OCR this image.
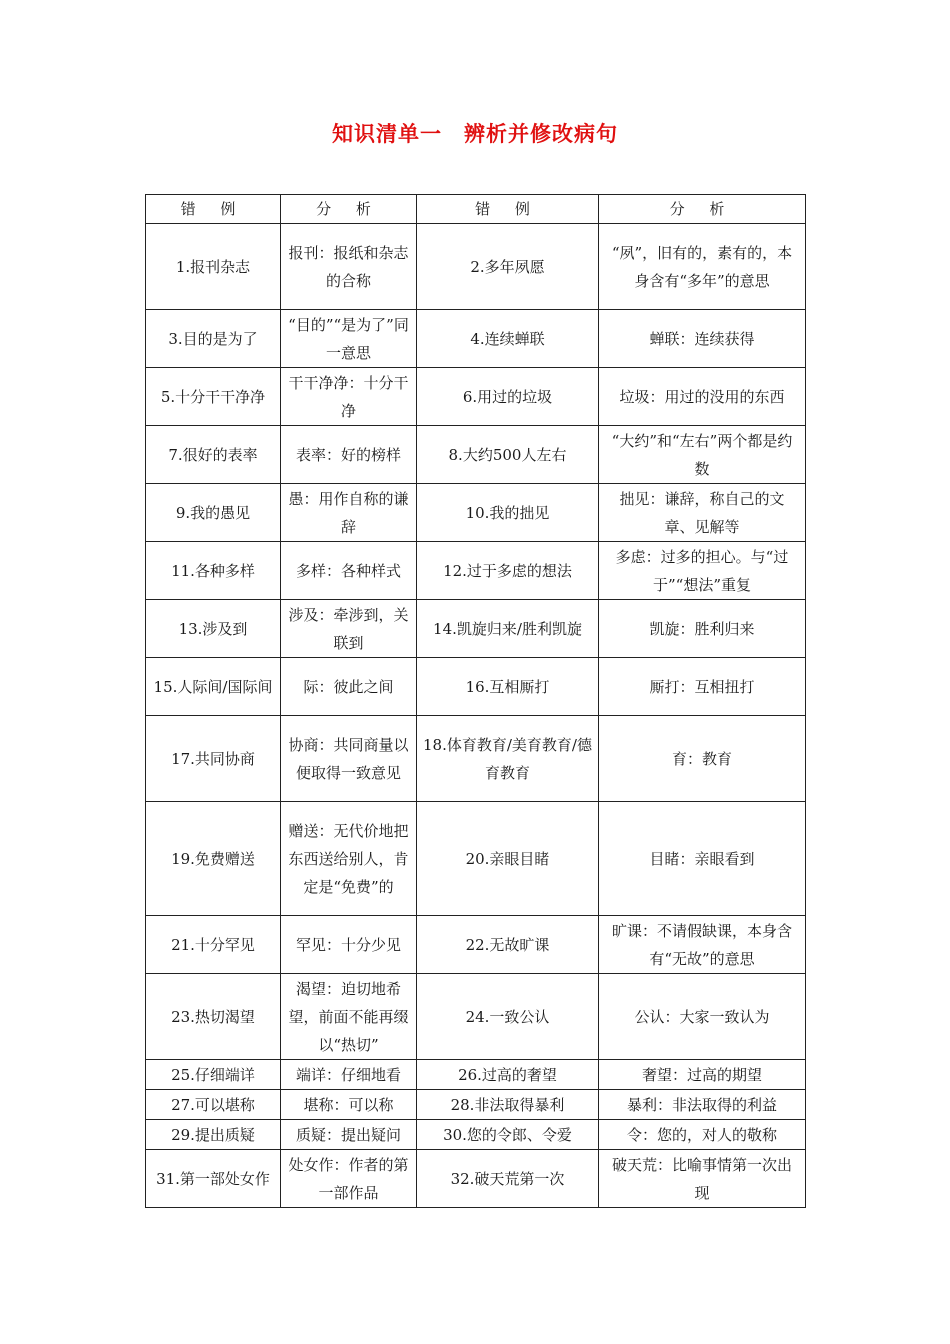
知识清单一　辨析并修改病句
错 例	分 析	错 例	分 析
1.报刊杂志	报刊：报纸和杂志的合称	2.多年夙愿	“夙”，旧有的，素有的，本身含有“多年”的意思
3.目的是为了	“目的”“是为了”同一意思	4.连续蝉联	蝉联：连续获得
5.十分干干净净	干干净净：十分干净	6.用过的垃圾	垃圾：用过的没用的东西
7.很好的表率	表率：好的榜样	8.大约500人左右	“大约”和“左右”两个都是约数
9.我的愚见	愚：用作自称的谦辞	10.我的拙见	拙见：谦辞，称自己的文章、见解等
11.各种多样	多样：各种样式	12.过于多虑的想法	多虑：过多的担心。与“过于”“想法”重复
13.涉及到	涉及：牵涉到，关联到	14.凯旋归来/胜利凯旋	凯旋：胜利归来
15.人际间/国际间	际：彼此之间	16.互相厮打	厮打：互相扭打
17.共同协商	协商：共同商量以便取得一致意见	18.体育教育/美育教育/德育教育	育：教育
19.免费赠送	赠送：无代价地把东西送给别人，肯定是“免费”的	20.亲眼目睹	目睹：亲眼看到
21.十分罕见	罕见：十分少见	22.无故旷课	旷课：不请假缺课，本身含有“无故”的意思
23.热切渴望	渴望：迫切地希望，前面不能再缀以“热切”	24.一致公认	公认：大家一致认为
25.仔细端详	端详：仔细地看	26.过高的奢望	奢望：过高的期望
27.可以堪称	堪称：可以称	28.非法取得暴利	暴利：非法取得的利益
29.提出质疑	质疑：提出疑问	30.您的令郎、令爱	令：您的，对人的敬称
31.第一部处女作	处女作：作者的第一部作品	32.破天荒第一次	破天荒：比喻事情第一次出现
